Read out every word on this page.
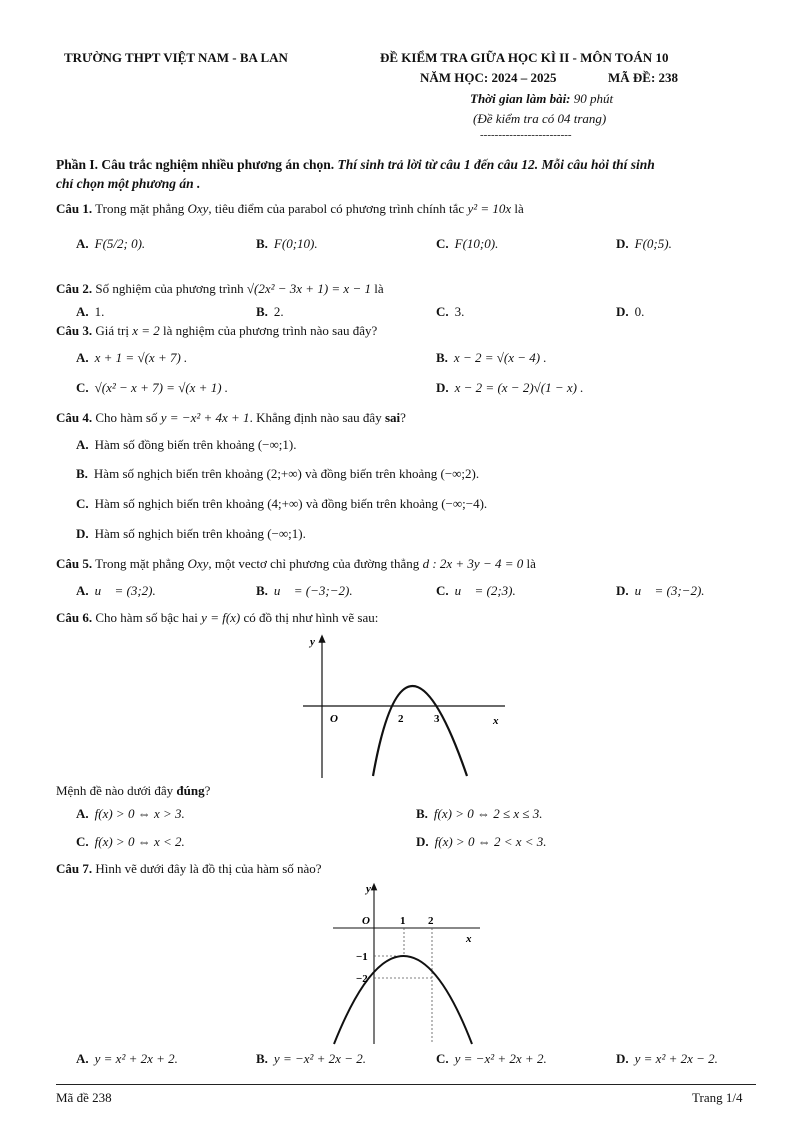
TRƯỜNG THPT VIỆT NAM - BA LAN	ĐỀ KIỂM TRA GIỮA HỌC KÌ II - MÔN TOÁN 10
NĂM HỌC: 2024 – 2025	MÃ ĐỀ: 238
Thời gian làm bài: 90 phút
(Đề kiểm tra có 04 trang)
-------------------------
Phần I. Câu trắc nghiệm nhiều phương án chọn. Thí sinh trả lời từ câu 1 đến câu 12. Mỗi câu hỏi thí sinh
chỉ chọn một phương án .
Câu 1. Trong mặt phẳng Oxy, tiêu điểm của parabol có phương trình chính tắc y² = 10x là
A. F(5/2; 0).	B. F(0;10).	C. F(10;0).	D. F(0;5).
Câu 2. Số nghiệm của phương trình √(2x² − 3x + 1) = x − 1 là
A. 1.	B. 2.	C. 3.	D. 0.
Câu 3. Giá trị x = 2 là nghiệm của phương trình nào sau đây?
A. x + 1 = √(x + 7) .	B. x − 2 = √(x − 4) .
C. √(x² − x + 7) = √(x + 1) .	D. x − 2 = (x − 2)√(1 − x) .
Câu 4. Cho hàm số y = −x² + 4x + 1. Khẳng định nào sau đây sai?
A. Hàm số đồng biến trên khoảng (−∞;1).
B. Hàm số nghịch biến trên khoảng (2;+∞) và đồng biến trên khoảng (−∞;2).
C. Hàm số nghịch biến trên khoảng (4;+∞) và đồng biến trên khoảng (−∞;−4).
D. Hàm số nghịch biến trên khoảng (−∞;1).
Câu 5. Trong mặt phẳng Oxy, một vectơ chỉ phương của đường thẳng d : 2x + 3y − 4 = 0 là
A. u⃗ = (3;2).	B. u⃗ = (−3;−2).	C. u⃗ = (2;3).	D. u⃗ = (3;−2).
Câu 6. Cho hàm số bậc hai y = f(x) có đồ thị như hình vẽ sau:
y
x
O	2	3
Mệnh đề nào dưới đây đúng?
A. f(x) > 0 ⇔ x > 3.	B. f(x) > 0 ⇔ 2 ≤ x ≤ 3.
C. f(x) > 0 ⇔ x < 2.	D. f(x) > 0 ⇔ 2 < x < 3.
Câu 7. Hình vẽ dưới đây là đồ thị của hàm số nào?
y
x
O	1 2
−1
−2
A. y = x² + 2x + 2.	B. y = −x² + 2x − 2.	C. y = −x² + 2x + 2.	D. y = x² + 2x − 2.
Mã đề 238	Trang 1/4
